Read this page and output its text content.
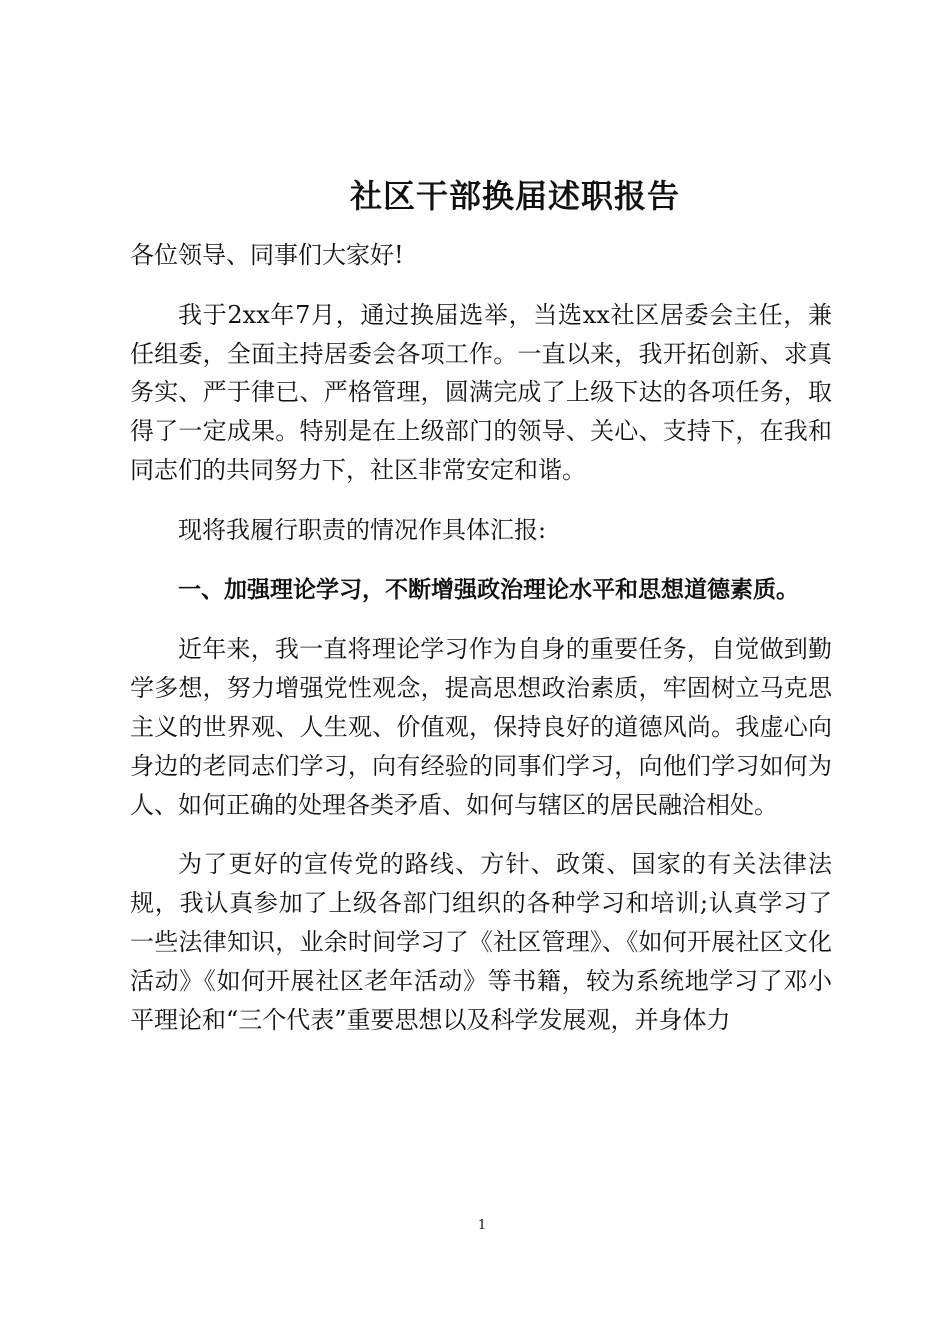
社区干部换届述职报告

各位领导、同事们大家好!

我于2xx年7月，通过换届选举，当选xx社区居委会主任，兼任组委，全面主持居委会各项工作。一直以来，我开拓创新、求真务实、严于律已、严格管理，圆满完成了上级下达的各项任务，取得了一定成果。特别是在上级部门的领导、关心、支持下，在我和同志们的共同努力下，社区非常安定和谐。

现将我履行职责的情况作具体汇报:

一、加强理论学习，不断增强政治理论水平和思想道德素质。

近年来，我一直将理论学习作为自身的重要任务，自觉做到勤学多想，努力增强党性观念，提高思想政治素质，牢固树立马克思主义的世界观、人生观、价值观，保持良好的道德风尚。我虚心向身边的老同志们学习，向有经验的同事们学习，向他们学习如何为人、如何正确的处理各类矛盾、如何与辖区的居民融洽相处。

为了更好的宣传党的路线、方针、政策、国家的有关法律法规，我认真参加了上级各部门组织的各种学习和培训;认真学习了一些法律知识，业余时间学习了《社区管理》、《如何开展社区文化活动》《如何开展社区老年活动》等书籍，较为系统地学习了邓小平理论和“三个代表”重要思想以及科学发展观，并身体力

1
